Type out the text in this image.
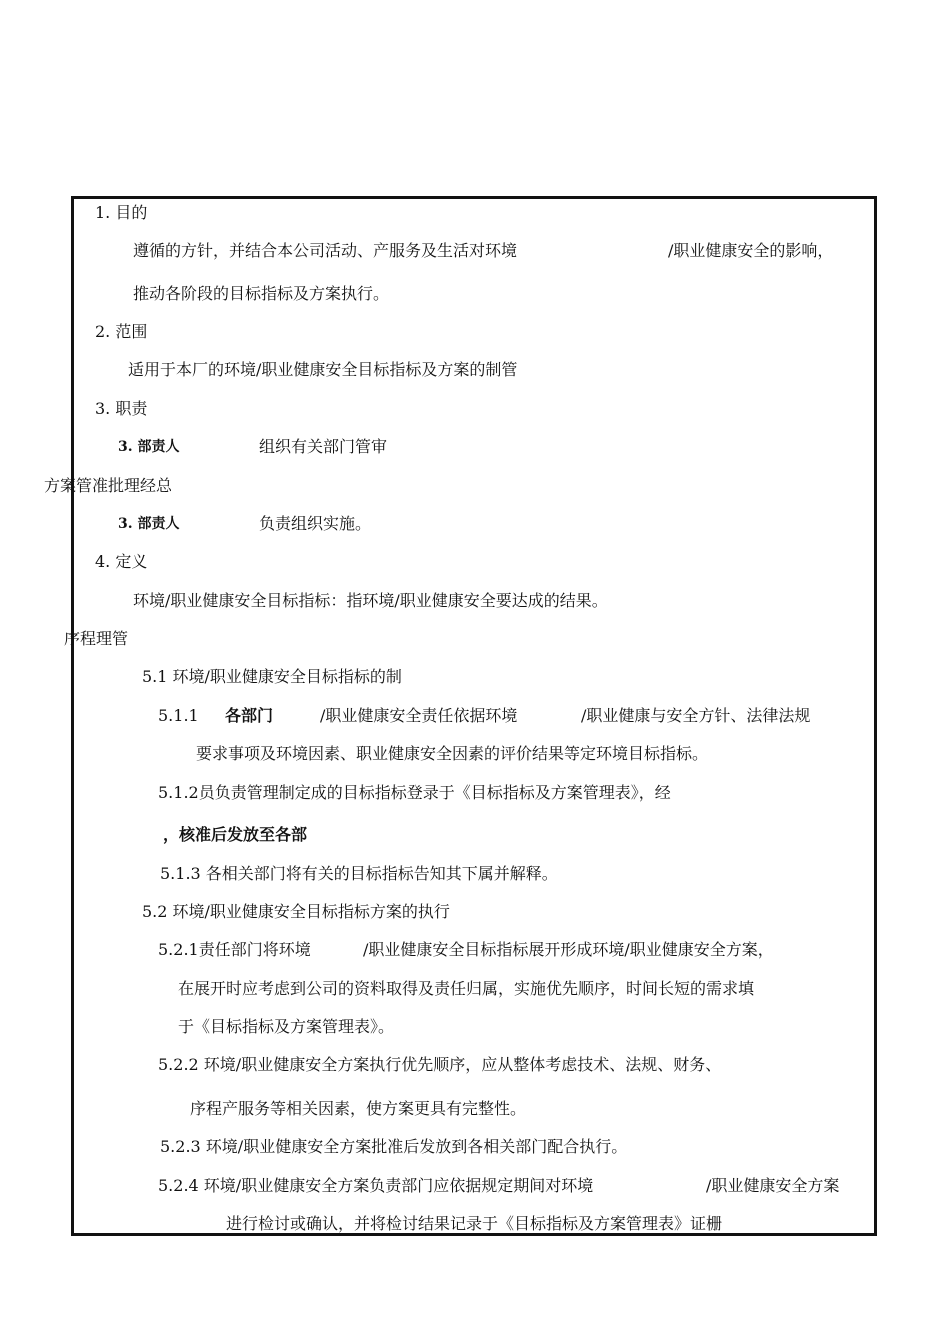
1. 目的
遵循的方针，并结合本公司活动、产服务及生活对环境	/职业健康安全的影响，
推动各阶段的目标指标及方案执行。
2. 范围
适用于本厂的环境/职业健康安全目标指标及方案的制管
3. 职责
3. 部责人	组织有关部门管审
方案管准批理经总
3. 部责人	负责组织实施。
4. 定义
环境/职业健康安全目标指标：指环境/职业健康安全要达成的结果。
序程理管
5.1 环境/职业健康安全目标指标的制
5.1.1 各部门	/职业健康安全责任依据环境	/职业健康与安全方针、法律法规
要求事项及环境因素、职业健康安全因素的评价结果等定环境目标指标。
5.1.2员负责管理制定成的目标指标登录于《目标指标及方案管理表》，经
，核准后发放至各部
5.1.3 各相关部门将有关的目标指标告知其下属并解释。
5.2 环境/职业健康安全目标指标方案的执行
5.2.1责任部门将环境	/职业健康安全目标指标展开形成环境/职业健康安全方案，
在展开时应考虑到公司的资料取得及责任归属，实施优先顺序，时间长短的需求填
于《目标指标及方案管理表》。
5.2.2 环境/职业健康安全方案执行优先顺序，应从整体考虑技术、法规、财务、
序程产服务等相关因素，使方案更具有完整性。
5.2.3 环境/职业健康安全方案批准后发放到各相关部门配合执行。
5.2.4 环境/职业健康安全方案负责部门应依据规定期间对环境	/职业健康安全方案
进行检讨或确认，并将检讨结果记录于《目标指标及方案管理表》证栅
